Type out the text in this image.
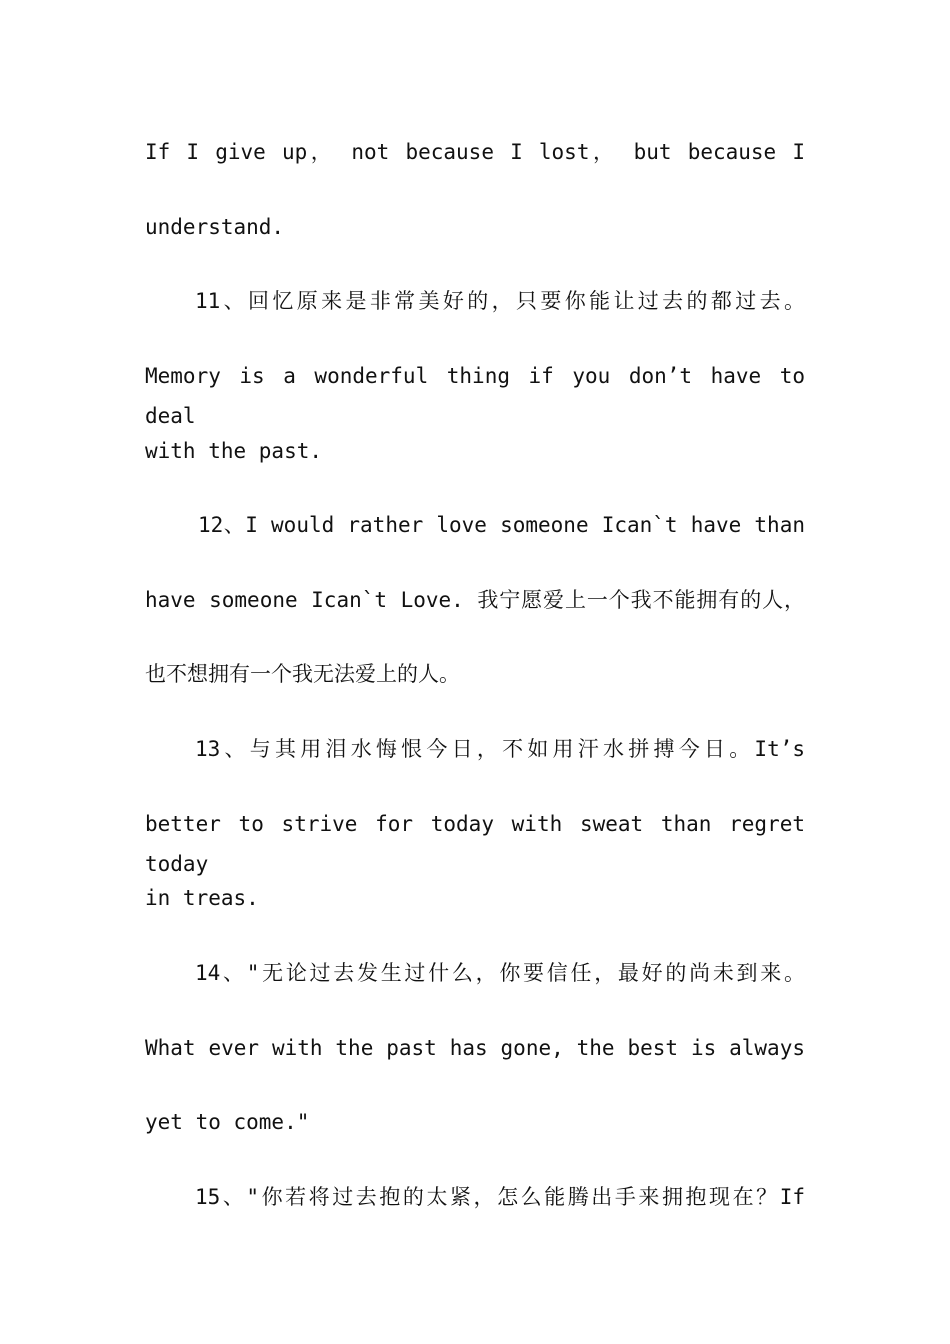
If I give up， not because I lost， but because I
understand.
11、回忆原来是非常美好的，只要你能让过去的都过去。
Memory is a wonderful thing if you don’t have to deal
with the past.
12、I would rather love someone Ican`t have than
have someone Ican`t Love. 我宁愿爱上一个我不能拥有的人，
也不想拥有一个我无法爱上的人。
13、与其用泪水悔恨今日，不如用汗水拼搏今日。It’s
better to strive for today with sweat than regret today
in treas.
14、"无论过去发生过什么，你要信任，最好的尚未到来。
What ever with the past has gone, the best is always
yet to come."
15、"你若将过去抱的太紧，怎么能腾出手来拥抱现在？If
